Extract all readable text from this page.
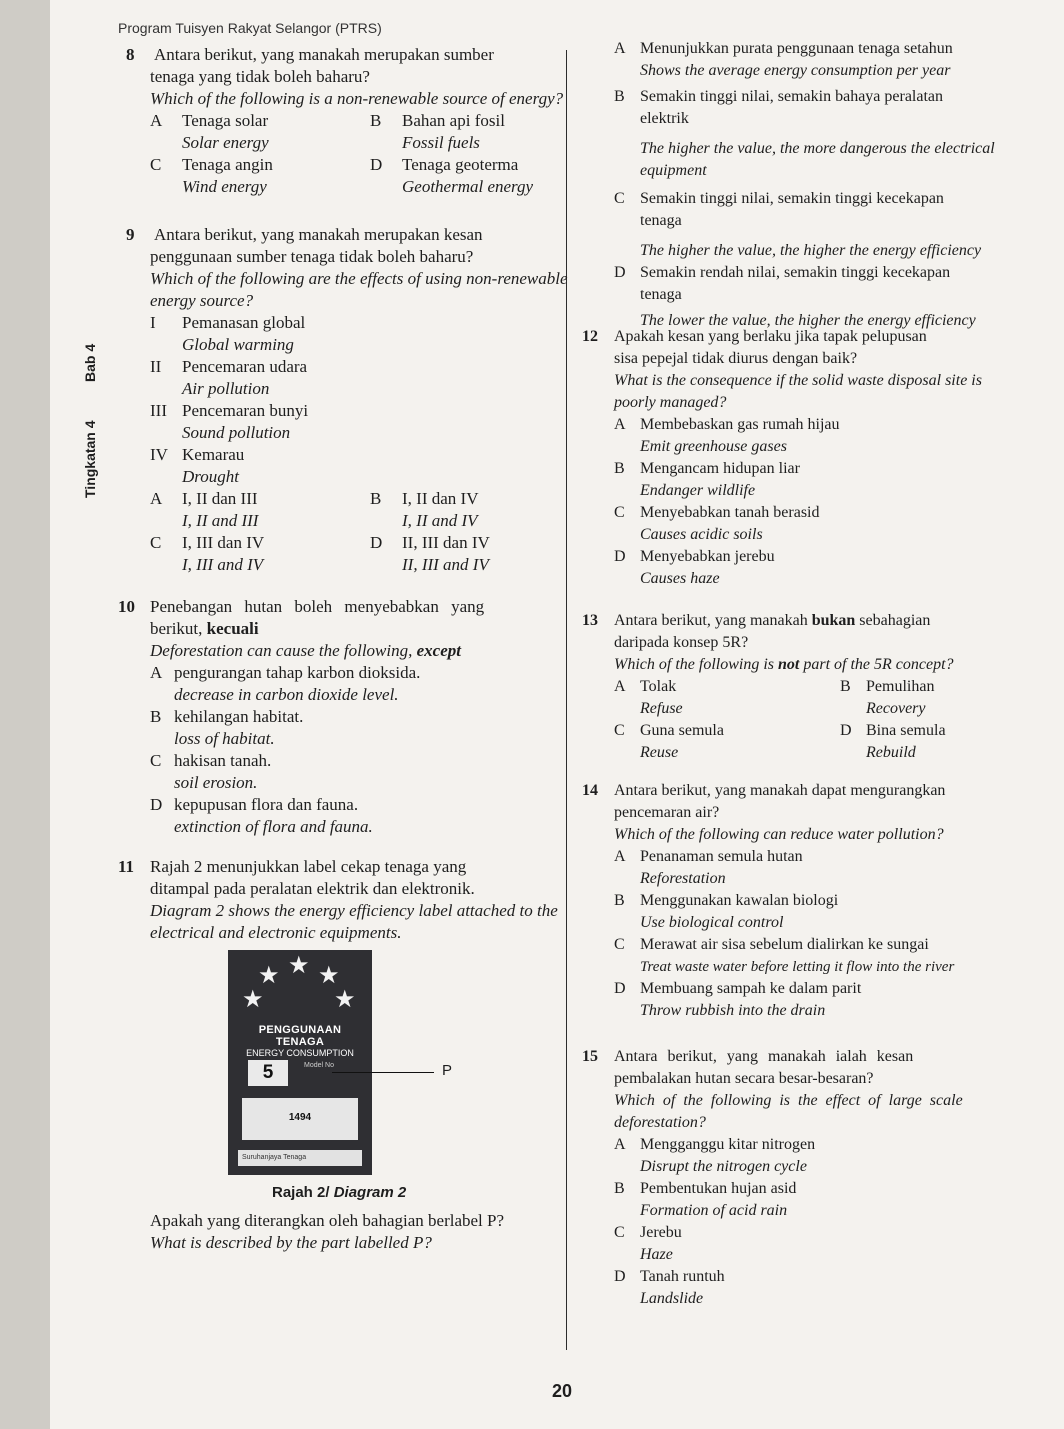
Program Tuisyen Rakyat Selangor (PTRS)
Bab 4
Tingkatan 4

8 Antara berikut, yang manakah merupakan sumber

tenaga yang tidak boleh baharu?

Which of the following is a non-renewable source of energy?

A Tenaga solar	B Bahan api fosil
Solar energy	Fossil fuels
C Tenaga angin	D Tenaga geoterma
Wind energy	Geothermal energy

9 Antara berikut, yang manakah merupakan kesan

penggunaan sumber tenaga tidak boleh baharu?

Which of the following are the effects of using non-renewable

energy source?

I Pemanasan global
Global warming
II Pencemaran udara
Air pollution
III Pencemaran bunyi
Sound pollution
IV Kemarau
Drought
A I, II dan III	B I, II dan IV
I, II and III	I, II and IV
C I, III dan IV	D II, III dan IV
I, III and IV	II, III and IV

10 Penebangan hutan boleh menyebabkan yang

berikut, kecuali

Deforestation can cause the following, except

A pengurangan tahap karbon dioksida.
decrease in carbon dioxide level.
B kehilangan habitat.
loss of habitat.
C hakisan tanah.
soil erosion.
D kepupusan flora dan fauna.
extinction of flora and fauna.

11 Rajah 2 menunjukkan label cekap tenaga yang

ditampal pada peralatan elektrik dan elektronik.

Diagram 2 shows the energy efficiency label attached to the

electrical and electronic equipments.

★
★ ★
★	★
PENGGUNAAN TENAGA
ENERGY CONSUMPTION
5	Model No
1494
Suruhanjaya Tenaga
P
Rajah 2/ Diagram 2

Apakah yang diterangkan oleh bahagian berlabel P?

What is described by the part labelled P?

A Menunjukkan purata penggunaan tenaga setahun
Shows the average energy consumption per year
B Semakin tinggi nilai, semakin bahaya peralatan
elektrik
The higher the value, the more dangerous the electrical
equipment
C Semakin tinggi nilai, semakin tinggi kecekapan
tenaga
The higher the value, the higher the energy efficiency
D Semakin rendah nilai, semakin tinggi kecekapan
tenaga
The lower the value, the higher the energy efficiency

12 Apakah kesan yang berlaku jika tapak pelupusan

sisa pepejal tidak diurus dengan baik?

What is the consequence if the solid waste disposal site is

poorly managed?

A Membebaskan gas rumah hijau
Emit greenhouse gases
B Mengancam hidupan liar
Endanger wildlife
C Menyebabkan tanah berasid
Causes acidic soils
D Menyebabkan jerebu
Causes haze

13 Antara berikut, yang manakah bukan sebahagian

daripada konsep 5R?

Which of the following is not part of the 5R concept?

A Tolak	B Pemulihan
Refuse	Recovery
C Guna semula	D Bina semula
Reuse	Rebuild

14 Antara berikut, yang manakah dapat mengurangkan

pencemaran air?

Which of the following can reduce water pollution?

A Penanaman semula hutan
Reforestation
B Menggunakan kawalan biologi
Use biological control
C Merawat air sisa sebelum dialirkan ke sungai
Treat waste water before letting it flow into the river
D Membuang sampah ke dalam parit
Throw rubbish into the drain

15 Antara berikut, yang manakah ialah kesan

pembalakan hutan secara besar-besaran?

Which of the following is the effect of large scale

deforestation?

A Mengganggu kitar nitrogen
Disrupt the nitrogen cycle
B Pembentukan hujan asid
Formation of acid rain
C Jerebu
Haze
D Tanah runtuh
Landslide
20
